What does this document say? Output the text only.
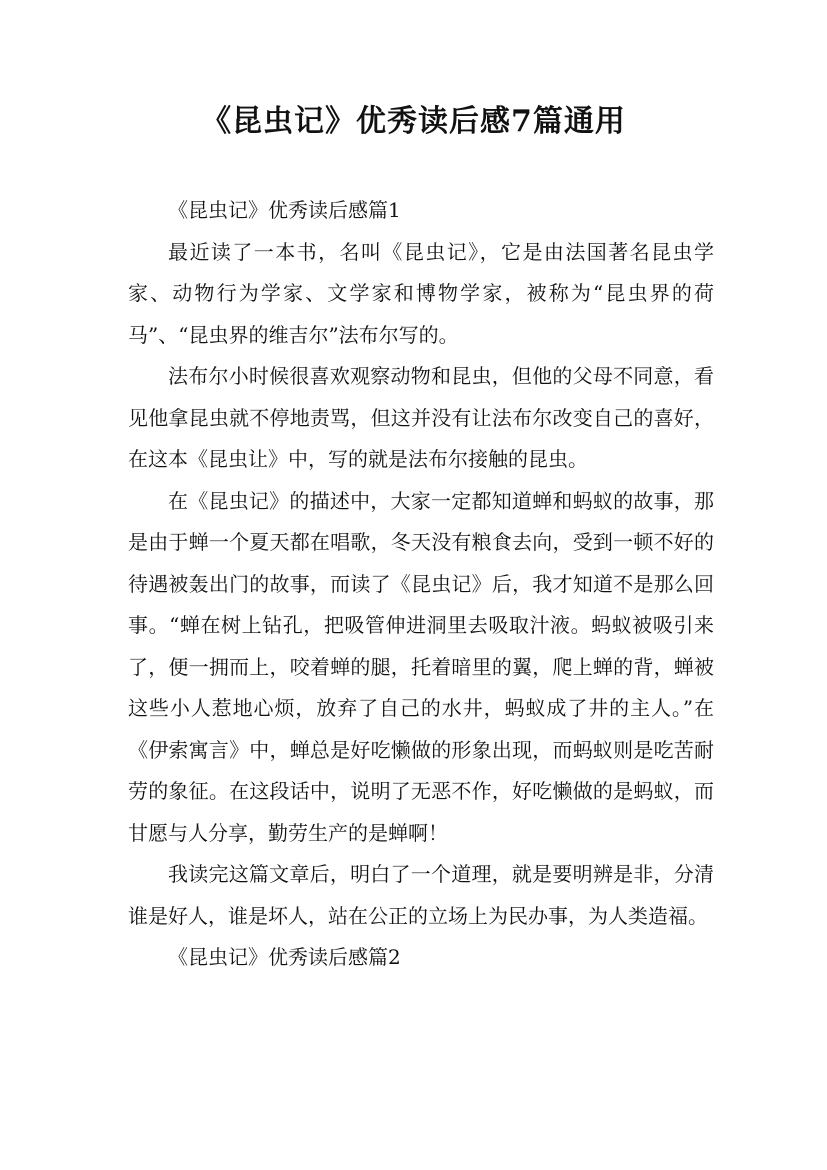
《昆虫记》优秀读后感7篇通用

《昆虫记》优秀读后感篇1

最近读了一本书，名叫《昆虫记》，它是由法国著名昆虫学家、动物行为学家、文学家和博物学家，被称为“昆虫界的荷马”、“昆虫界的维吉尔”法布尔写的。

法布尔小时候很喜欢观察动物和昆虫，但他的父母不同意，看见他拿昆虫就不停地责骂，但这并没有让法布尔改变自己的喜好，在这本《昆虫让》中，写的就是法布尔接触的昆虫。

在《昆虫记》的描述中，大家一定都知道蝉和蚂蚁的故事，那是由于蝉一个夏天都在唱歌，冬天没有粮食去向，受到一顿不好的待遇被轰出门的故事，而读了《昆虫记》后，我才知道不是那么回事。“蝉在树上钻孔，把吸管伸进洞里去吸取汁液。蚂蚁被吸引来了，便一拥而上，咬着蝉的腿，托着暗里的翼，爬上蝉的背，蝉被这些小人惹地心烦，放弃了自己的水井，蚂蚁成了井的主人。”在《伊索寓言》中，蝉总是好吃懒做的形象出现，而蚂蚁则是吃苦耐劳的象征。在这段话中，说明了无恶不作，好吃懒做的是蚂蚁，而甘愿与人分享，勤劳生产的是蝉啊！

我读完这篇文章后，明白了一个道理，就是要明辨是非，分清谁是好人，谁是坏人，站在公正的立场上为民办事，为人类造福。

《昆虫记》优秀读后感篇2
